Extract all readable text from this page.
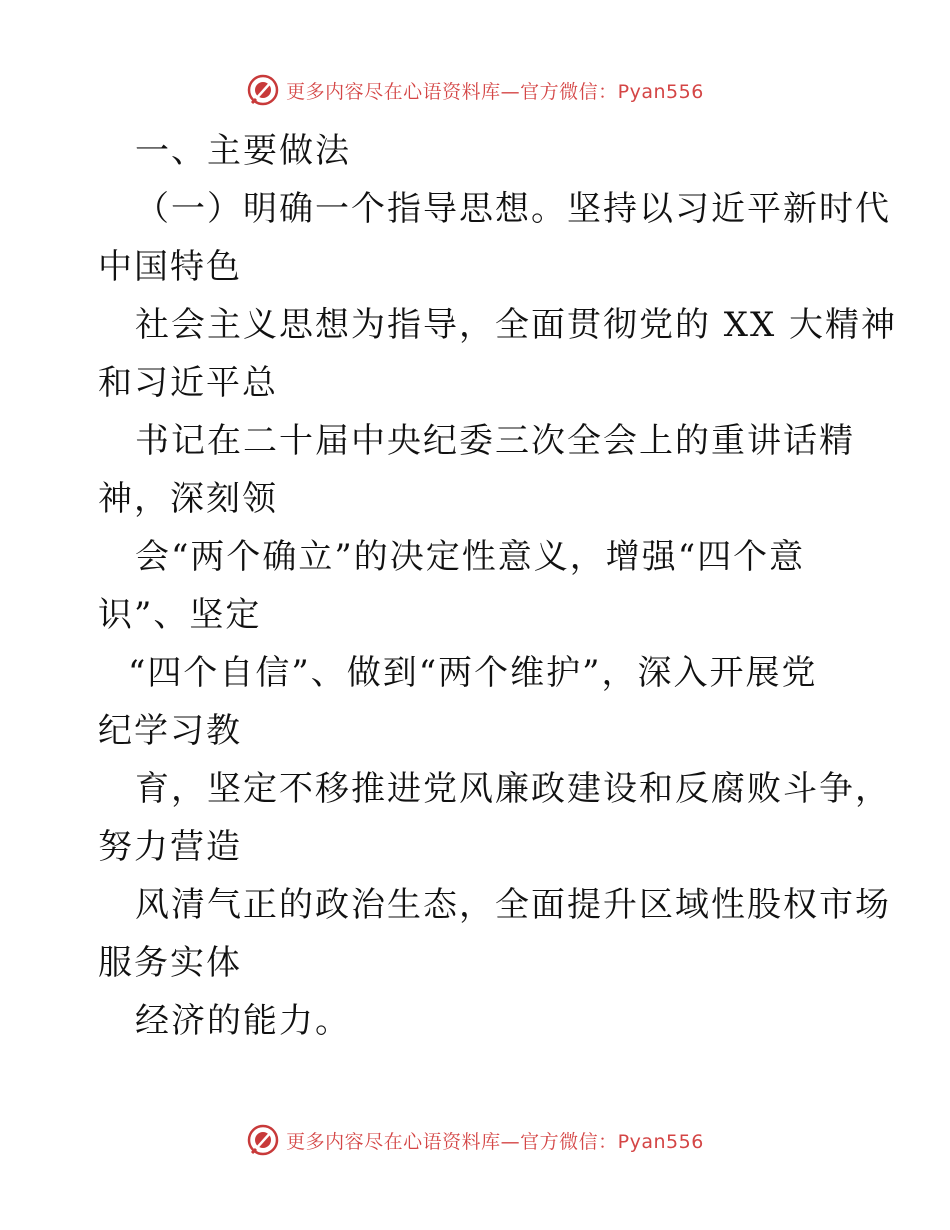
更多内容尽在心语资料库—官方微信：Pyan556
一、主要做法
（一）明确一个指导思想。坚持以习近平新时代
中国特色
社会主义思想为指导，全面贯彻党的 XX 大精神
和习近平总
书记在二十届中央纪委三次全会上的重讲话精
神，深刻领
会“两个确立”的决定性意义，增强“四个意
识”、坚定
“四个自信”、做到“两个维护”，深入开展党
纪学习教
育，坚定不移推进党风廉政建设和反腐败斗争，
努力营造
风清气正的政治生态，全面提升区域性股权市场
服务实体
经济的能力。
更多内容尽在心语资料库—官方微信：Pyan556
